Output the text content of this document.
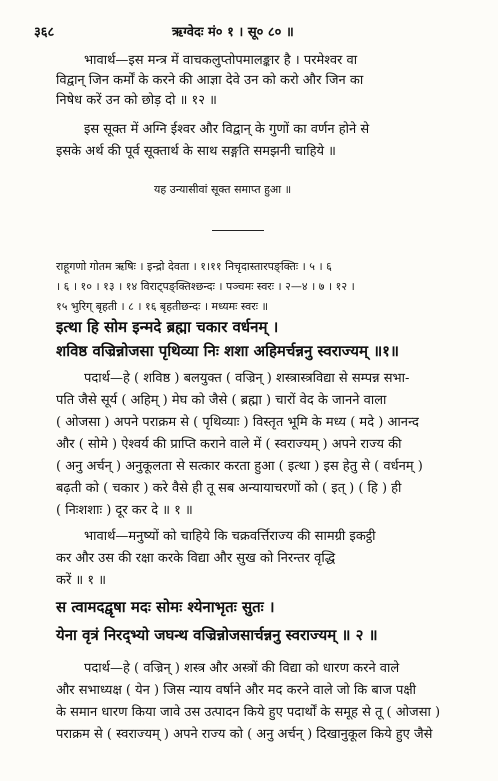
३६८	ऋग्वेदः मं० १ । सू० ८० ॥
भावार्थ—इस मन्त्र में वाचकलुप्तोपमालङ्कार है । परमेश्वर वा
विद्वान् जिन कर्मों के करने की आज्ञा देवे उन को करो और जिन का
निषेध करें उन को छोड़ दो ॥ १२ ॥
इस सूक्त में अग्नि ईश्वर और विद्वान् के गुणों का वर्णन होने से
इसके अर्थ की पूर्व सूक्तार्थ के साथ सङ्गति समझनी चाहिये ॥
यह उन्यासीवां सूक्त समाप्त हुआ ॥
राहूगणो गोतम ऋषिः । इन्द्रो देवता । १।११ निचृदास्तारपङ्क्तिः । ५ । ६
। ६ । १० । १३ । १४ विराट्पङ्क्तिश्छन्दः । पञ्चमः स्वरः । २—४ । ७ । १२ ।
१५ भुरिग् बृहती । ८ । १६ बृहतीछन्दः । मध्यमः स्वरः ॥
इत्था हि सोम इन्मदे ब्रह्मा चकार वर्धनम् ।
शविष्ठ वज्रिन्नोजसा पृथिव्या निः शशा अहिमर्चन्ननु स्वराज्यम् ॥१॥
पदार्थ—हे ( शविष्ठ ) बलयुक्त ( वज्रिन् ) शस्त्रास्त्रविद्या से सम्पन्न सभा-
पति जैसे सूर्य ( अहिम् ) मेघ को जैसे ( ब्रह्मा ) चारों वेद के जानने वाला
( ओजसा ) अपने पराक्रम से ( पृथिव्याः ) विस्तृत भूमि के मध्य ( मदे ) आनन्द
और ( सोमे ) ऐश्वर्य की प्राप्ति कराने वाले में ( स्वराज्यम् ) अपने राज्य की
( अनु अर्चन् ) अनुकूलता से सत्कार करता हुआ ( इत्था ) इस हेतु से ( वर्धनम् )
बढ़ती को ( चकार ) करे वैसे ही तू सब अन्यायाचरणों को ( इत् ) ( हि ) ही
( निःशशाः ) दूर कर दे ॥ १ ॥
भावार्थ—मनुष्यों को चाहिये कि चक्रवर्त्तिराज्य की सामग्री इकट्ठी
कर और उस की रक्षा करके विद्या और सुख को निरन्तर वृद्धि
करें ॥ १ ॥
स त्वामदद्वृषा मदः सोमः श्येनाभृतः सुतः ।
येना वृत्रं निरद्भ्यो जघन्थ वज्रिन्नोजसार्चन्ननु स्वराज्यम् ॥ २ ॥
पदार्थ—हे ( वज्रिन् ) शस्त्र और अस्त्रों की विद्या को धारण करने वाले
और सभाध्यक्ष ( येन ) जिस न्याय वर्षाने और मद करने वाले जो कि बाज पक्षी
के समान धारण किया जावे उस उत्पादन किये हुए पदार्थों के समूह से तू ( ओजसा )
पराक्रम से ( स्वराज्यम् ) अपने राज्य को ( अनु अर्चन् ) दिखानुकूल किये हुए जैसे
